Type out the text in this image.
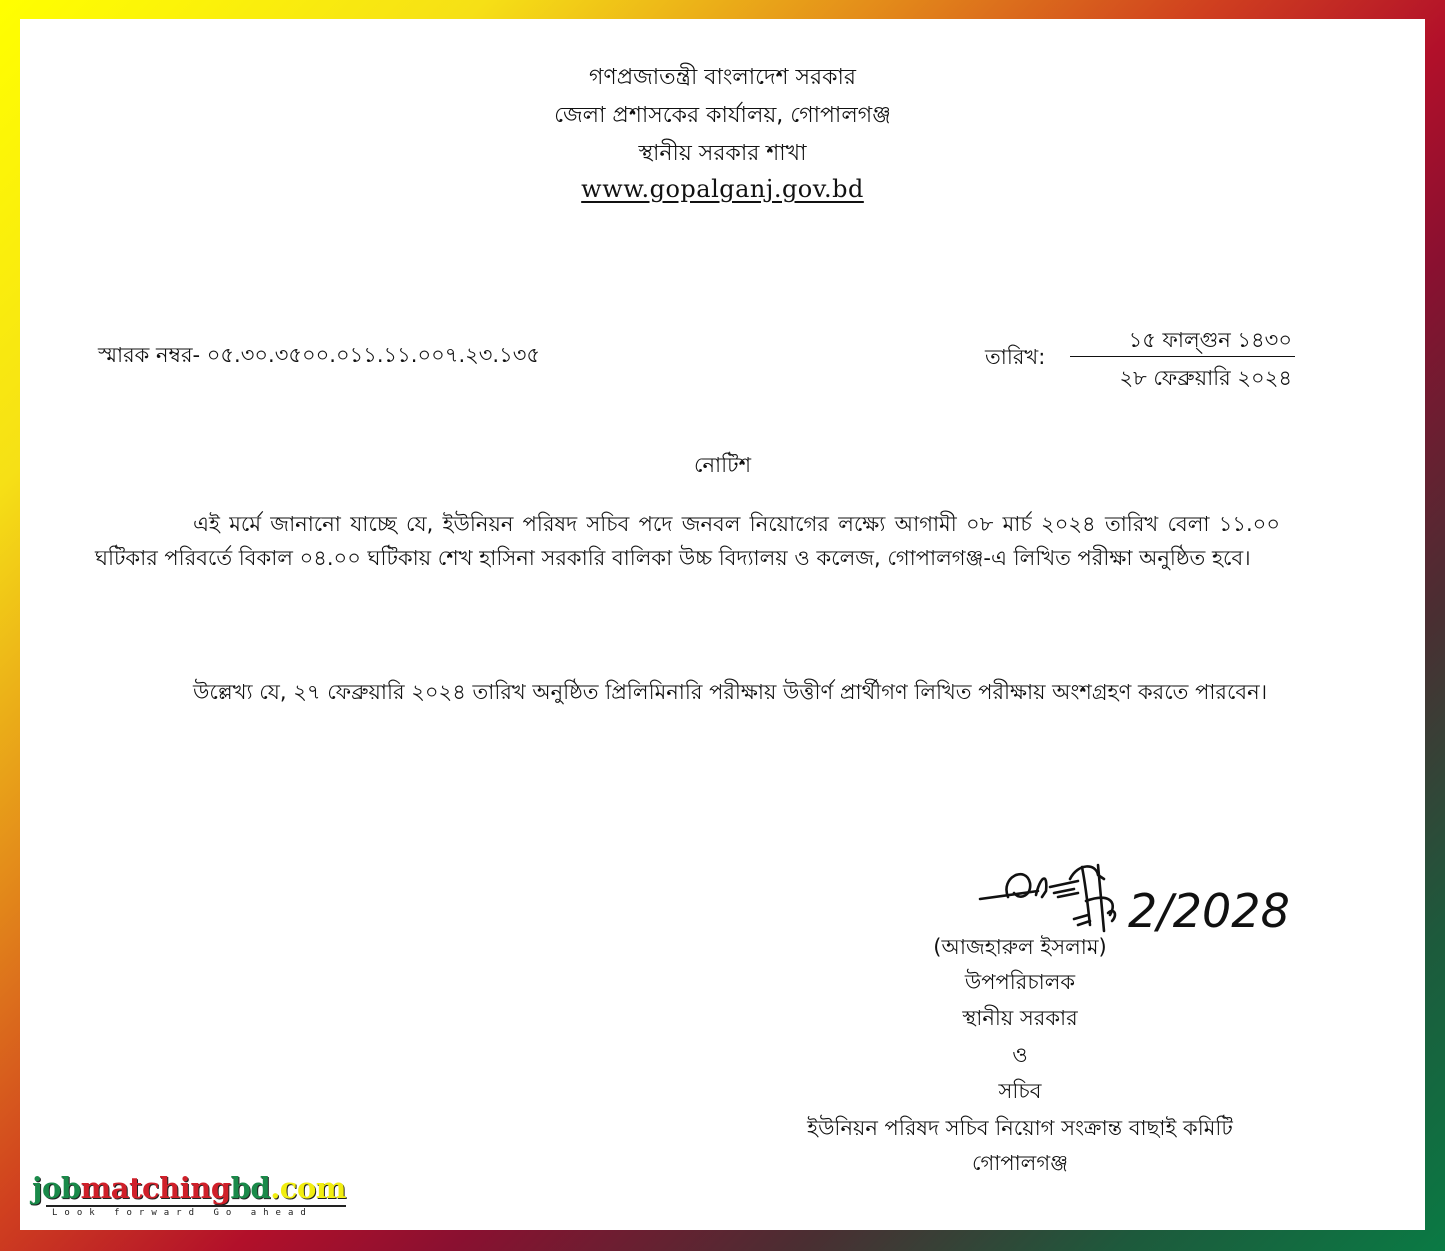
গণপ্রজাতন্ত্রী বাংলাদেশ সরকার
জেলা প্রশাসকের কার্যালয়, গোপালগঞ্জ
স্থানীয় সরকার শাখা
www.gopalganj.gov.bd
স্মারক নম্বর- ০৫.৩০.৩৫০০.০১১.১১.০০৭.২৩.১৩৫	তারিখ:
১৫ ফাল্গুন ১৪৩০
২৮ ফেব্রুয়ারি ২০২৪
নোটিশ

এই মর্মে জানানো যাচ্ছে যে, ইউনিয়ন পরিষদ সচিব পদে জনবল নিয়োগের লক্ষ্যে আগামী ০৮ মার্চ ২০২৪ তারিখ বেলা ১১.০০ ঘটিকার পরিবর্তে বিকাল ০৪.০০ ঘটিকায় শেখ হাসিনা সরকারি বালিকা উচ্চ বিদ্যালয় ও কলেজ, গোপালগঞ্জ-এ লিখিত পরীক্ষা অনুষ্ঠিত হবে।

উল্লেখ্য যে, ২৭ ফেব্রুয়ারি ২০২৪ তারিখ অনুষ্ঠিত প্রিলিমিনারি পরীক্ষায় উত্তীর্ণ প্রার্থীগণ লিখিত পরীক্ষায় অংশগ্রহণ করতে পারবেন।

2/2028
(আজহারুল ইসলাম)
উপপরিচালক
স্থানীয় সরকার
ও
সচিব
ইউনিয়ন পরিষদ সচিব নিয়োগ সংক্রান্ত বাছাই কমিটি
গোপালগঞ্জ
jobmatchingbd.com
Look forward Go ahead
